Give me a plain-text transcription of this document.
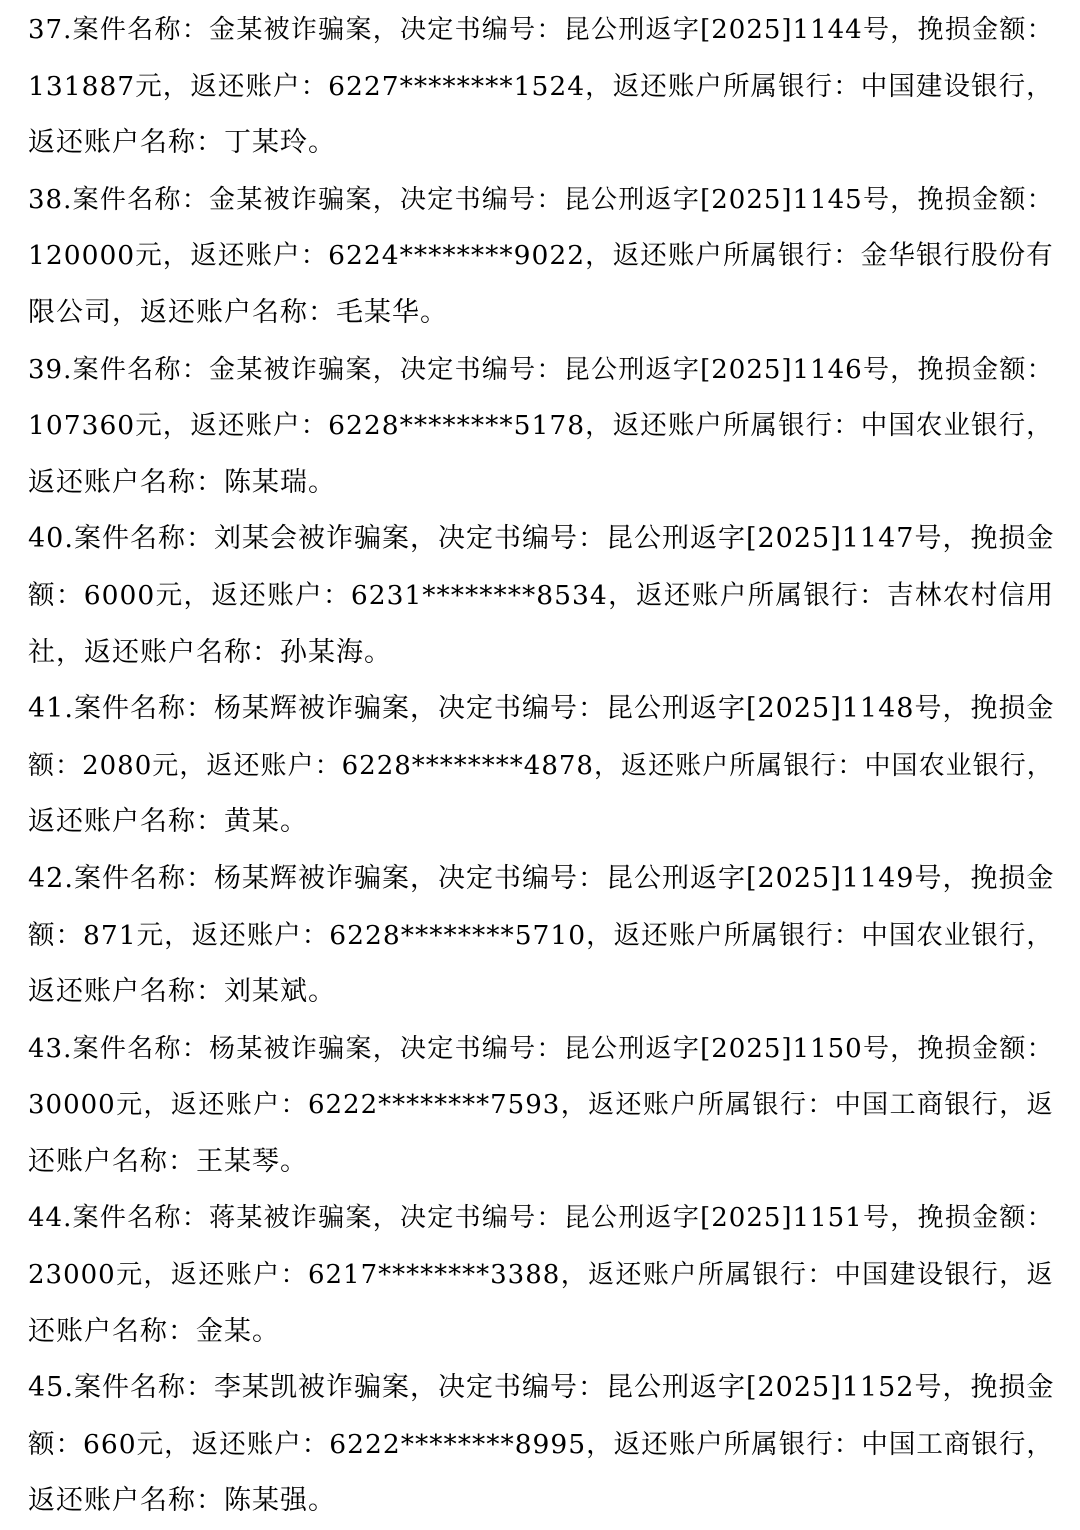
37. 案 件 名 称 ： 金 某 被 诈 骗 案 ， 决 定 书 编 号 ： 昆 公 刑 返 字 [2025]1144 号 ， 挽 损 金 额 ：
131887 元 ， 返 还 账 户 ： 6227********1524 ， 返 还 账 户 所 属 银 行 ： 中 国 建 设 银 行 ，
返还账户名称：丁某玲。
38. 案 件 名 称 ： 金 某 被 诈 骗 案 ， 决 定 书 编 号 ： 昆 公 刑 返 字 [2025]1145 号 ， 挽 损 金 额 ：
120000 元 ， 返 还 账 户 ： 6224********9022 ， 返 还 账 户 所 属 银 行 ： 金 华 银 行 股 份 有
限公司，返还账户名称：毛某华。
39. 案 件 名 称 ： 金 某 被 诈 骗 案 ， 决 定 书 编 号 ： 昆 公 刑 返 字 [2025]1146 号 ， 挽 损 金 额 ：
107360 元 ， 返 还 账 户 ： 6228********5178 ， 返 还 账 户 所 属 银 行 ： 中 国 农 业 银 行 ，
返还账户名称：陈某瑞。
40. 案 件 名 称 ： 刘 某 会 被 诈 骗 案 ， 决 定 书 编 号 ： 昆 公 刑 返 字 [2025]1147 号 ， 挽 损 金
额 ： 6000 元 ， 返 还 账 户 ： 6231********8534 ， 返 还 账 户 所 属 银 行 ： 吉 林 农 村 信 用
社，返还账户名称：孙某海。
41. 案 件 名 称 ： 杨 某 辉 被 诈 骗 案 ， 决 定 书 编 号 ： 昆 公 刑 返 字 [2025]1148 号 ， 挽 损 金
额 ： 2080 元 ， 返 还 账 户 ： 6228********4878 ， 返 还 账 户 所 属 银 行 ： 中 国 农 业 银 行 ，
返还账户名称：黄某。
42. 案 件 名 称 ： 杨 某 辉 被 诈 骗 案 ， 决 定 书 编 号 ： 昆 公 刑 返 字 [2025]1149 号 ， 挽 损 金
额 ： 871 元 ， 返 还 账 户 ： 6228********5710 ， 返 还 账 户 所 属 银 行 ： 中 国 农 业 银 行 ，
返还账户名称：刘某斌。
43. 案 件 名 称 ： 杨 某 被 诈 骗 案 ， 决 定 书 编 号 ： 昆 公 刑 返 字 [2025]1150 号 ， 挽 损 金 额 ：
30000 元 ， 返 还 账 户 ： 6222********7593 ， 返 还 账 户 所 属 银 行 ： 中 国 工 商 银 行 ， 返
还账户名称：王某琴。
44. 案 件 名 称 ： 蒋 某 被 诈 骗 案 ， 决 定 书 编 号 ： 昆 公 刑 返 字 [2025]1151 号 ， 挽 损 金 额 ：
23000 元 ， 返 还 账 户 ： 6217********3388 ， 返 还 账 户 所 属 银 行 ： 中 国 建 设 银 行 ， 返
还账户名称：金某。
45. 案 件 名 称 ： 李 某 凯 被 诈 骗 案 ， 决 定 书 编 号 ： 昆 公 刑 返 字 [2025]1152 号 ， 挽 损 金
额 ： 660 元 ， 返 还 账 户 ： 6222********8995 ， 返 还 账 户 所 属 银 行 ： 中 国 工 商 银 行 ，
返还账户名称：陈某强。
